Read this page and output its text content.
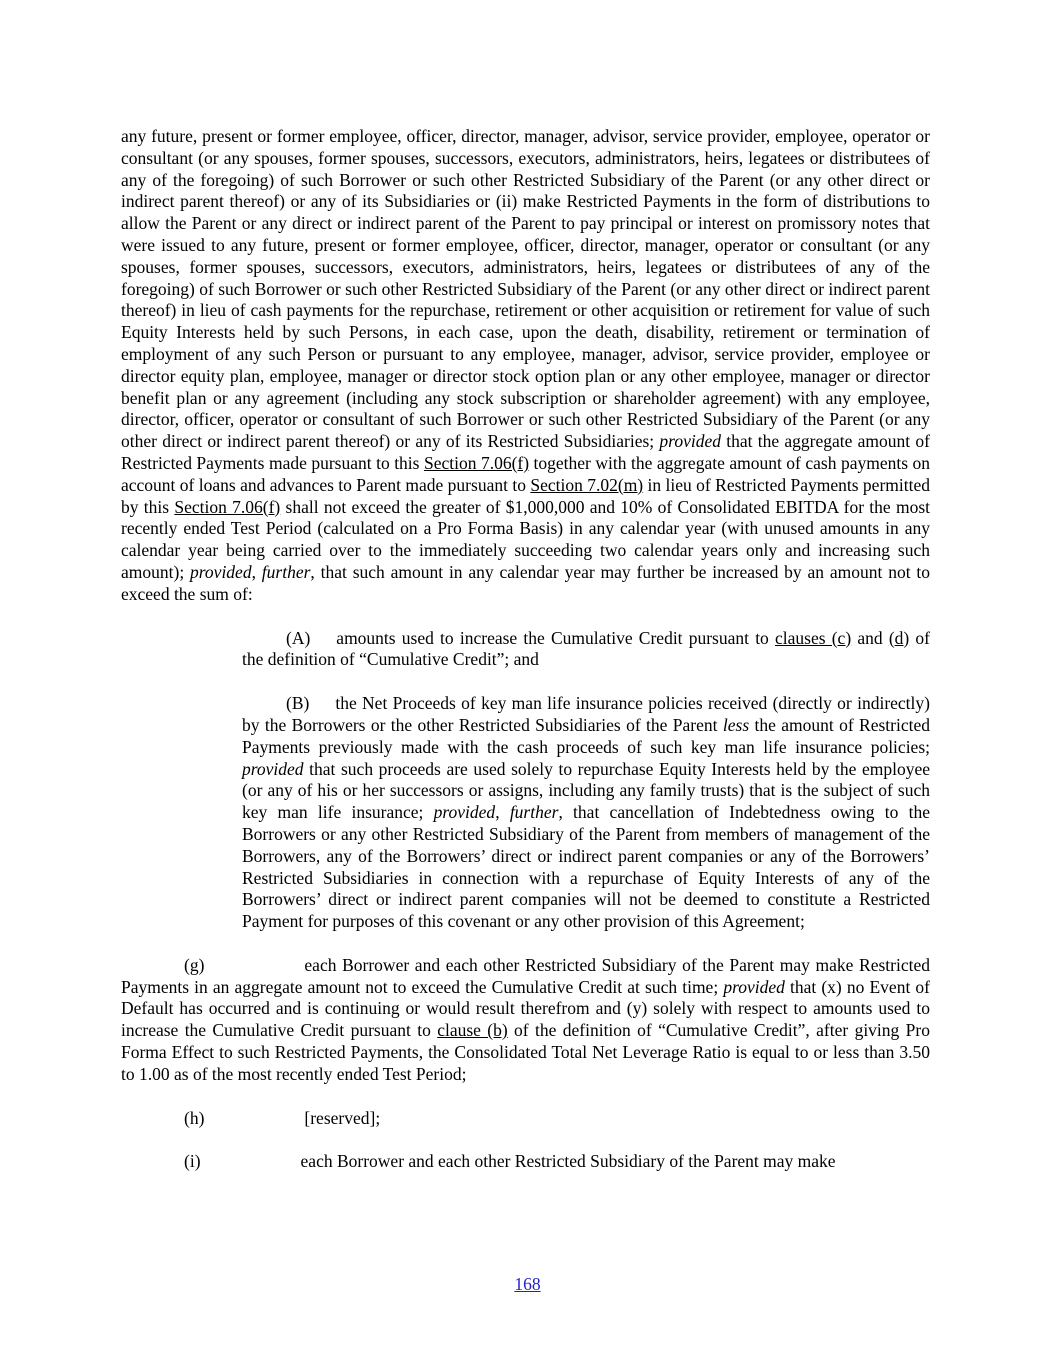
any future, present or former employee, officer, director, manager, advisor, service provider, employee, operator or consultant (or any spouses, former spouses, successors, executors, administrators, heirs, legatees or distributees of any of the foregoing) of such Borrower or such other Restricted Subsidiary of the Parent (or any other direct or indirect parent thereof) or any of its Subsidiaries or (ii) make Restricted Payments in the form of distributions to allow the Parent or any direct or indirect parent of the Parent to pay principal or interest on promissory notes that were issued to any future, present or former employee, officer, director, manager, operator or consultant (or any spouses, former spouses, successors, executors, administrators, heirs, legatees or distributees of any of the foregoing) of such Borrower or such other Restricted Subsidiary of the Parent (or any other direct or indirect parent thereof) in lieu of cash payments for the repurchase, retirement or other acquisition or retirement for value of such Equity Interests held by such Persons, in each case, upon the death, disability, retirement or termination of employment of any such Person or pursuant to any employee, manager, advisor, service provider, employee or director equity plan, employee, manager or director stock option plan or any other employee, manager or director benefit plan or any agreement (including any stock subscription or shareholder agreement) with any employee, director, officer, operator or consultant of such Borrower or such other Restricted Subsidiary of the Parent (or any other direct or indirect parent thereof) or any of its Restricted Subsidiaries; provided that the aggregate amount of Restricted Payments made pursuant to this Section 7.06(f) together with the aggregate amount of cash payments on account of loans and advances to Parent made pursuant to Section 7.02(m) in lieu of Restricted Payments permitted by this Section 7.06(f) shall not exceed the greater of $1,000,000 and 10% of Consolidated EBITDA for the most recently ended Test Period (calculated on a Pro Forma Basis) in any calendar year (with unused amounts in any calendar year being carried over to the immediately succeeding two calendar years only and increasing such amount); provided, further, that such amount in any calendar year may further be increased by an amount not to exceed the sum of:

(A) amounts used to increase the Cumulative Credit pursuant to clauses (c) and (d) of the definition of “Cumulative Credit”; and

(B) the Net Proceeds of key man life insurance policies received (directly or indirectly) by the Borrowers or the other Restricted Subsidiaries of the Parent less the amount of Restricted Payments previously made with the cash proceeds of such key man life insurance policies; provided that such proceeds are used solely to repurchase Equity Interests held by the employee (or any of his or her successors or assigns, including any family trusts) that is the subject of such key man life insurance; provided, further, that cancellation of Indebtedness owing to the Borrowers or any other Restricted Subsidiary of the Parent from members of management of the Borrowers, any of the Borrowers’ direct or indirect parent companies or any of the Borrowers’ Restricted Subsidiaries in connection with a repurchase of Equity Interests of any of the Borrowers’ direct or indirect parent companies will not be deemed to constitute a Restricted Payment for purposes of this covenant or any other provision of this Agreement;

(g)	each Borrower and each other Restricted Subsidiary of the Parent may make Restricted Payments in an aggregate amount not to exceed the Cumulative Credit at such time; provided that (x) no Event of Default has occurred and is continuing or would result therefrom and (y) solely with respect to amounts used to increase the Cumulative Credit pursuant to clause (b) of the definition of “Cumulative Credit”, after giving Pro Forma Effect to such Restricted Payments, the Consolidated Total Net Leverage Ratio is equal to or less than 3.50 to 1.00 as of the most recently ended Test Period;

(h)	[reserved];

(i)	each Borrower and each other Restricted Subsidiary of the Parent may make

168
